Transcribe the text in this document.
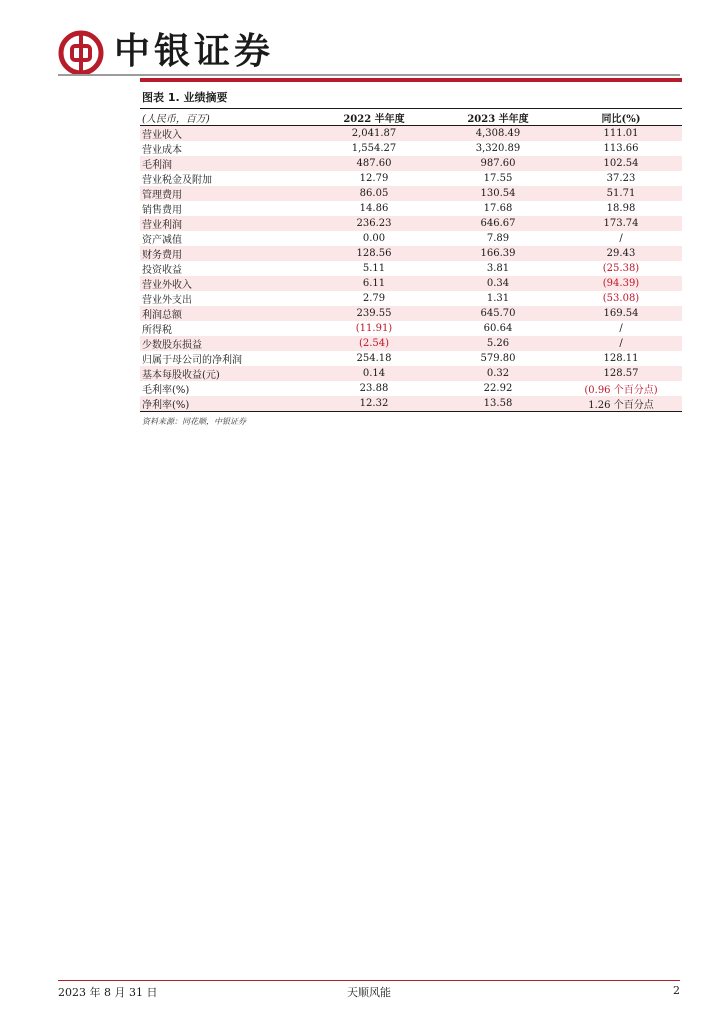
中银证券
图表 1. 业绩摘要
(人民币，百万)	2022 半年度	2023 半年度	同比(%)
营业收入	2,041.87	4,308.49	111.01
营业成本	1,554.27	3,320.89	113.66
毛利润	487.60	987.60	102.54
营业税金及附加	12.79	17.55	37.23
管理费用	86.05	130.54	51.71
销售费用	14.86	17.68	18.98
营业利润	236.23	646.67	173.74
资产减值	0.00	7.89	/
财务费用	128.56	166.39	29.43
投资收益	5.11	3.81	(25.38)
营业外收入	6.11	0.34	(94.39)
营业外支出	2.79	1.31	(53.08)
利润总额	239.55	645.70	169.54
所得税	(11.91)	60.64	/
少数股东损益	(2.54)	5.26	/
归属于母公司的净利润	254.18	579.80	128.11
基本每股收益(元)	0.14	0.32	128.57
毛利率(%)	23.88	22.92	(0.96 个百分点)
净利率(%)	12.32	13.58	1.26 个百分点
资料来源：同花顺，中银证券
2023 年 8 月 31 日	天顺风能	2
